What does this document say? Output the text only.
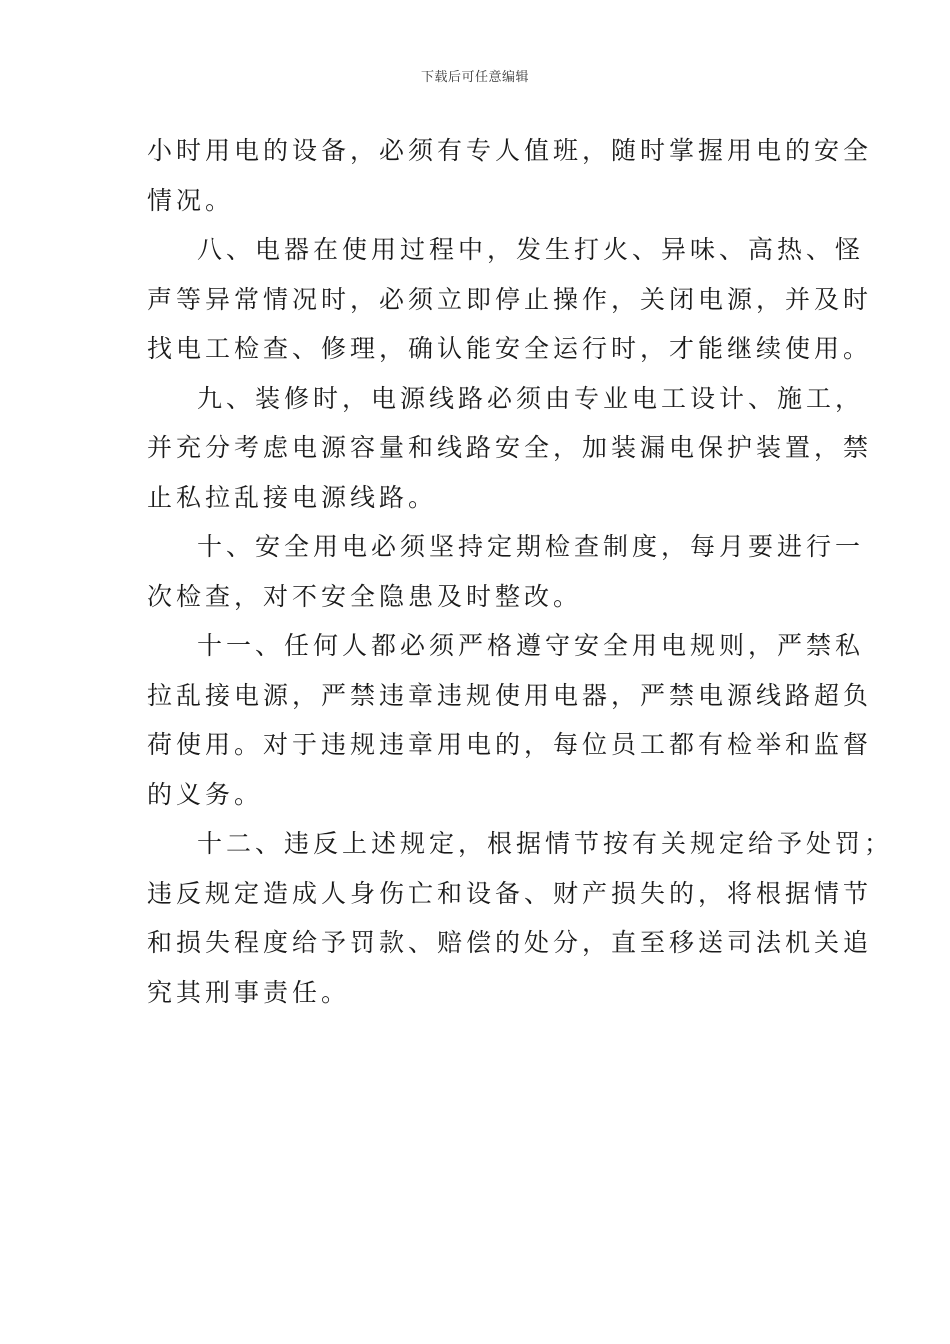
下载后可任意编辑

小时用电的设备，必须有专人值班，随时掌握用电的安全
情况。

八、电器在使用过程中，发生打火、异味、高热、怪
声等异常情况时，必须立即停止操作，关闭电源，并及时
找电工检查、修理，确认能安全运行时，才能继续使用。

九、装修时，电源线路必须由专业电工设计、施工，
并充分考虑电源容量和线路安全，加装漏电保护装置，禁
止私拉乱接电源线路。

十、安全用电必须坚持定期检查制度，每月要进行一
次检查，对不安全隐患及时整改。

十一、任何人都必须严格遵守安全用电规则，严禁私
拉乱接电源，严禁违章违规使用电器，严禁电源线路超负
荷使用。对于违规违章用电的，每位员工都有检举和监督
的义务。

十二、违反上述规定，根据情节按有关规定给予处罚；
违反规定造成人身伤亡和设备、财产损失的，将根据情节
和损失程度给予罚款、赔偿的处分，直至移送司法机关追
究其刑事责任。
